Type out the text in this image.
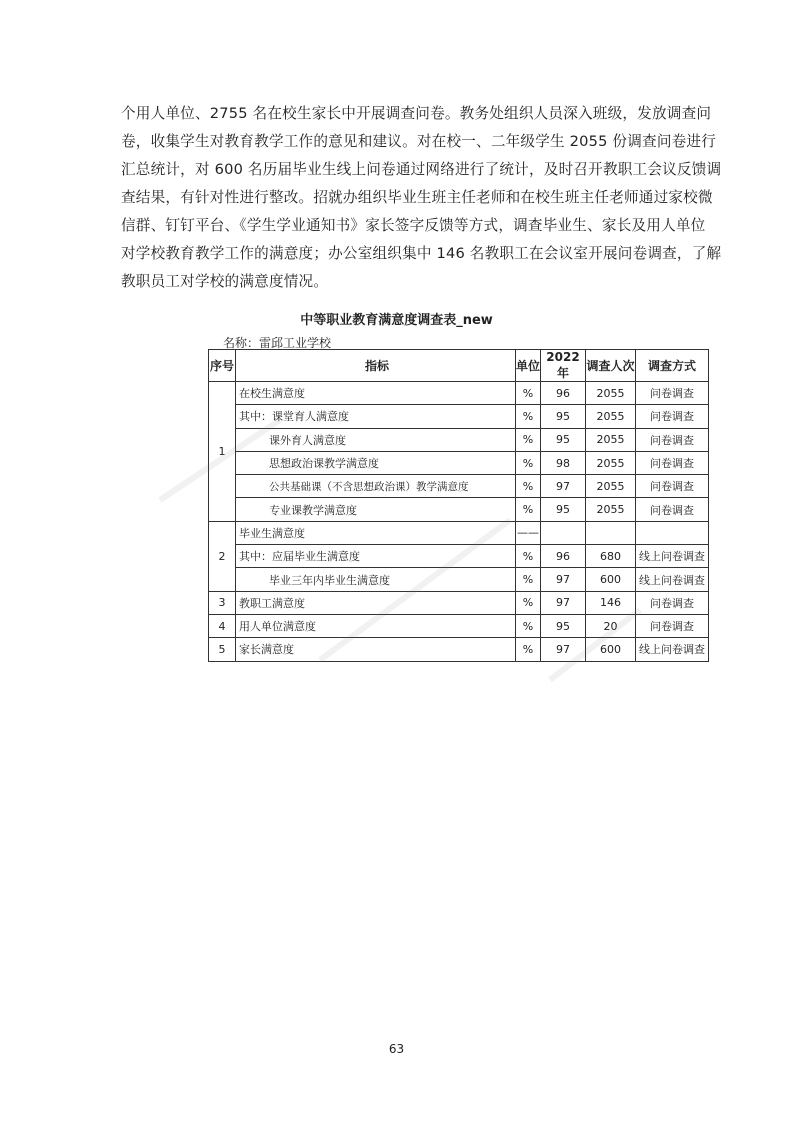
个用人单位、2755 名在校生家长中开展调查问卷。教务处组织人员深入班级，发放调查问
卷，收集学生对教育教学工作的意见和建议。对在校一、二年级学生 2055 份调查问卷进行
汇总统计，对 600 名历届毕业生线上问卷通过网络进行了统计，及时召开教职工会议反馈调
查结果，有针对性进行整改。招就办组织毕业生班主任老师和在校生班主任老师通过家校微
信群、钉钉平台、《学生学业通知书》家长签字反馈等方式，调查毕业生、家长及用人单位
对学校教育教学工作的满意度；办公室组织集中 146 名教职工在会议室开展问卷调查，了解
教职员工对学校的满意度情况。
中等职业教育满意度调查表_new
名称：雷邱工业学校
序号	指标	单位	2022年	调查人次	调查方式
1	在校生满意度	%	96	2055	问卷调查
	其中：课堂育人满意度	%	95	2055	问卷调查
	课外育人满意度	%	95	2055	问卷调查
	思想政治课教学满意度	%	98	2055	问卷调查
	公共基础课（不含思想政治课）教学满意度	%	97	2055	问卷调查
	专业课教学满意度	%	95	2055	问卷调查
2	毕业生满意度	——			
	其中：应届毕业生满意度	%	96	680	线上问卷调查
	毕业三年内毕业生满意度	%	97	600	线上问卷调查
3	教职工满意度	%	97	146	问卷调查
4	用人单位满意度	%	95	20	问卷调查
5	家长满意度	%	97	600	线上问卷调查
63
